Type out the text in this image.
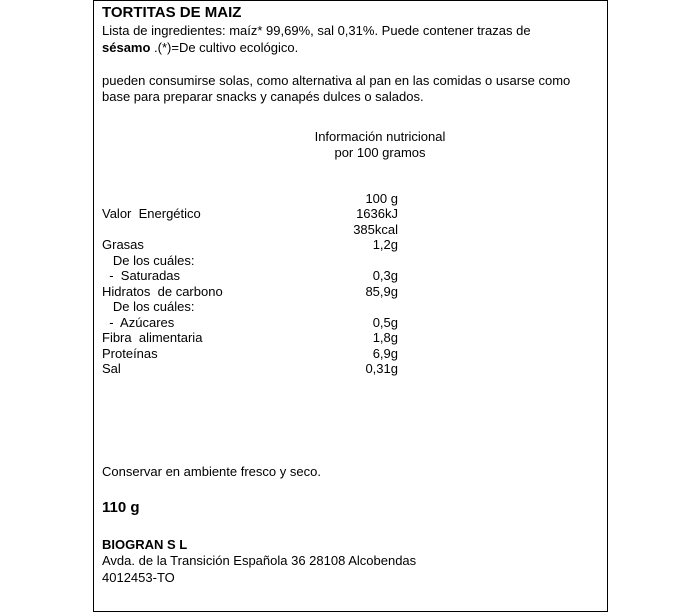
TORTITAS DE MAIZ
Lista de ingredientes: maíz* 99,69%, sal 0,31%. Puede contener trazas de
sésamo .(*)=De cultivo ecológico.
pueden consumirse solas, como alternativa al pan en las comidas o usarse como
base para preparar snacks y canapés dulces o salados.
Información nutricional
por 100 gramos
100 g
Valor  Energético	1636kJ
385kcal
Grasas	1,2g
De los cuáles:
-  Saturadas	0,3g
Hidratos  de carbono	85,9g
De los cuáles:
-  Azúcares	0,5g
Fibra  alimentaria	1,8g
Proteínas	6,9g
Sal	0,31g
Conservar en ambiente fresco y seco.
110 g
BIOGRAN S L
Avda. de la Transición Española 36 28108 Alcobendas
4012453-TO
